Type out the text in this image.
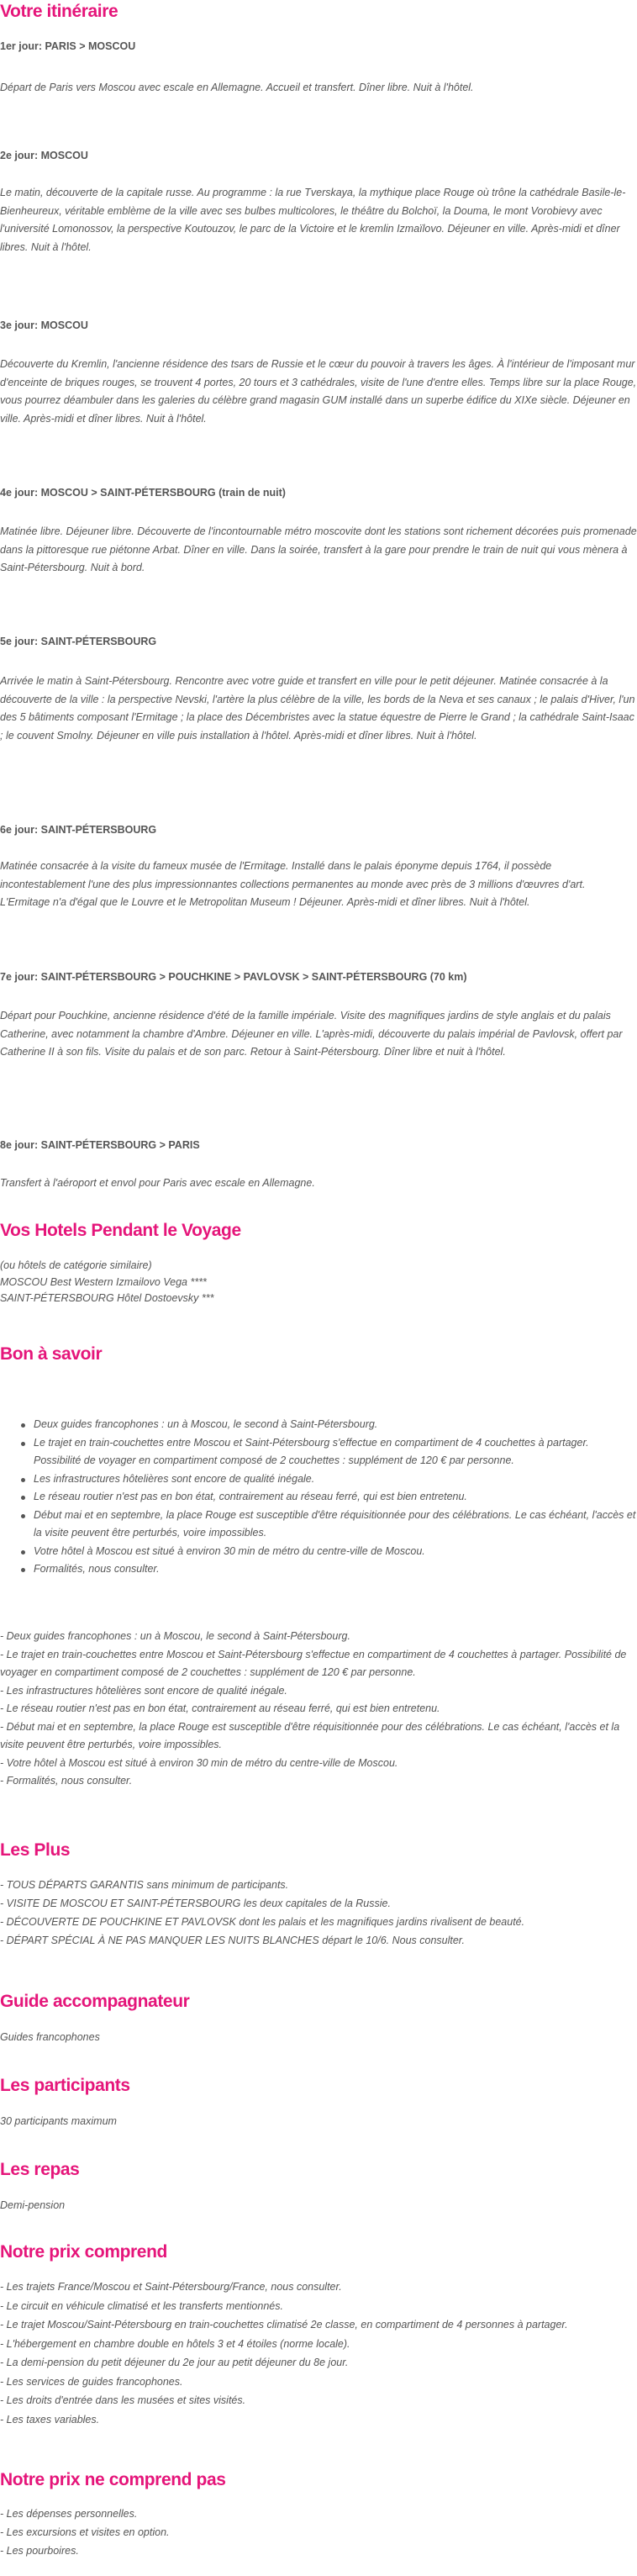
Votre itinéraire

1er jour: PARIS > MOSCOU

Départ de Paris vers Moscou avec escale en Allemagne. Accueil et transfert. Dîner libre. Nuit à l'hôtel.

2e jour: MOSCOU

Le matin, découverte de la capitale russe. Au programme : la rue Tverskaya, la mythique place Rouge où trône la cathédrale Basile-le-Bienheureux, véritable emblème de la ville avec ses bulbes multicolores, le théâtre du Bolchoï, la Douma, le mont Vorobievy avec l'université Lomonossov, la perspective Koutouzov, le parc de la Victoire et le kremlin Izmaïlovo. Déjeuner en ville. Après-midi et dîner libres. Nuit à l'hôtel.

3e jour: MOSCOU

Découverte du Kremlin, l'ancienne résidence des tsars de Russie et le cœur du pouvoir à travers les âges. À l'intérieur de l'imposant mur d'enceinte de briques rouges, se trouvent 4 portes, 20 tours et 3 cathédrales, visite de l'une d'entre elles. Temps libre sur la place Rouge, vous pourrez déambuler dans les galeries du célèbre grand magasin GUM installé dans un superbe édifice du XIXe siècle. Déjeuner en ville. Après-midi et dîner libres. Nuit à l'hôtel.

4e jour: MOSCOU > SAINT-PÉTERSBOURG (train de nuit)

Matinée libre. Déjeuner libre. Découverte de l'incontournable métro moscovite dont les stations sont richement décorées puis promenade dans la pittoresque rue piétonne Arbat. Dîner en ville. Dans la soirée, transfert à la gare pour prendre le train de nuit qui vous mènera à Saint-Pétersbourg. Nuit à bord.

5e jour: SAINT-PÉTERSBOURG

Arrivée le matin à Saint-Pétersbourg. Rencontre avec votre guide et transfert en ville pour le petit déjeuner. Matinée consacrée à la découverte de la ville : la perspective Nevski, l'artère la plus célèbre de la ville, les bords de la Neva et ses canaux ; le palais d'Hiver, l'un des 5 bâtiments composant l'Ermitage ; la place des Décembristes avec la statue équestre de Pierre le Grand ; la cathédrale Saint-Isaac ; le couvent Smolny. Déjeuner en ville puis installation à l'hôtel. Après-midi et dîner libres. Nuit à l'hôtel.

6e jour: SAINT-PÉTERSBOURG

Matinée consacrée à la visite du fameux musée de l'Ermitage. Installé dans le palais éponyme depuis 1764, il possède incontestablement l'une des plus impressionnantes collections permanentes au monde avec près de 3 millions d'œuvres d'art. L'Ermitage n'a d'égal que le Louvre et le Metropolitan Museum ! Déjeuner. Après-midi et dîner libres. Nuit à l'hôtel.

7e jour: SAINT-PÉTERSBOURG > POUCHKINE > PAVLOVSK > SAINT-PÉTERSBOURG (70 km)

Départ pour Pouchkine, ancienne résidence d'été de la famille impériale. Visite des magnifiques jardins de style anglais et du palais Catherine, avec notamment la chambre d'Ambre. Déjeuner en ville. L'après-midi, découverte du palais impérial de Pavlovsk, offert par Catherine II à son fils. Visite du palais et de son parc. Retour à Saint-Pétersbourg. Dîner libre et nuit à l'hôtel.

8e jour: SAINT-PÉTERSBOURG > PARIS

Transfert à l'aéroport et envol pour Paris avec escale en Allemagne.

Vos Hotels Pendant le Voyage

(ou hôtels de catégorie similaire)

MOSCOU Best Western Izmailovo Vega ****

SAINT-PÉTERSBOURG Hôtel Dostoevsky ***

Bon à savoir
Deux guides francophones : un à Moscou, le second à Saint-Pétersbourg.
Le trajet en train-couchettes entre Moscou et Saint-Pétersbourg s'effectue en compartiment de 4 couchettes à partager. Possibilité de voyager en compartiment composé de 2 couchettes : supplément de 120 € par personne.
Les infrastructures hôtelières sont encore de qualité inégale.
Le réseau routier n'est pas en bon état, contrairement au réseau ferré, qui est bien entretenu.
Début mai et en septembre, la place Rouge est susceptible d'être réquisitionnée pour des célébrations. Le cas échéant, l'accès et la visite peuvent être perturbés, voire impossibles.
Votre hôtel à Moscou est situé à environ 30 min de métro du centre-ville de Moscou.
Formalités, nous consulter.

- Deux guides francophones : un à Moscou, le second à Saint-Pétersbourg.
- Le trajet en train-couchettes entre Moscou et Saint-Pétersbourg s'effectue en compartiment de 4 couchettes à partager. Possibilité de voyager en compartiment composé de 2 couchettes : supplément de 120 € par personne.
- Les infrastructures hôtelières sont encore de qualité inégale.
- Le réseau routier n'est pas en bon état, contrairement au réseau ferré, qui est bien entretenu.
- Début mai et en septembre, la place Rouge est susceptible d'être réquisitionnée pour des célébrations. Le cas échéant, l'accès et la visite peuvent être perturbés, voire impossibles.
- Votre hôtel à Moscou est situé à environ 30 min de métro du centre-ville de Moscou.
- Formalités, nous consulter.

Les Plus

- TOUS DÉPARTS GARANTIS sans minimum de participants.

- VISITE DE MOSCOU ET SAINT-PÉTERSBOURG les deux capitales de la Russie.

- DÉCOUVERTE DE POUCHKINE ET PAVLOVSK dont les palais et les magnifiques jardins rivalisent de beauté.

- DÉPART SPÉCIAL À NE PAS MANQUER LES NUITS BLANCHES départ le 10/6. Nous consulter.

Guide accompagnateur

Guides francophones

Les participants

30 participants maximum

Les repas

Demi-pension

Notre prix comprend

- Les trajets France/Moscou et Saint-Pétersbourg/France, nous consulter.
- Le circuit en véhicule climatisé et les transferts mentionnés.
- Le trajet Moscou/Saint-Pétersbourg en train-couchettes climatisé 2e classe, en compartiment de 4 personnes à partager.
- L'hébergement en chambre double en hôtels 3 et 4 étoiles (norme locale).
- La demi-pension du petit déjeuner du 2e jour au petit déjeuner du 8e jour.
- Les services de guides francophones.
- Les droits d'entrée dans les musées et sites visités.
- Les taxes variables.

Notre prix ne comprend pas

- Les dépenses personnelles.

- Les excursions et visites en option.

- Les pourboires.
